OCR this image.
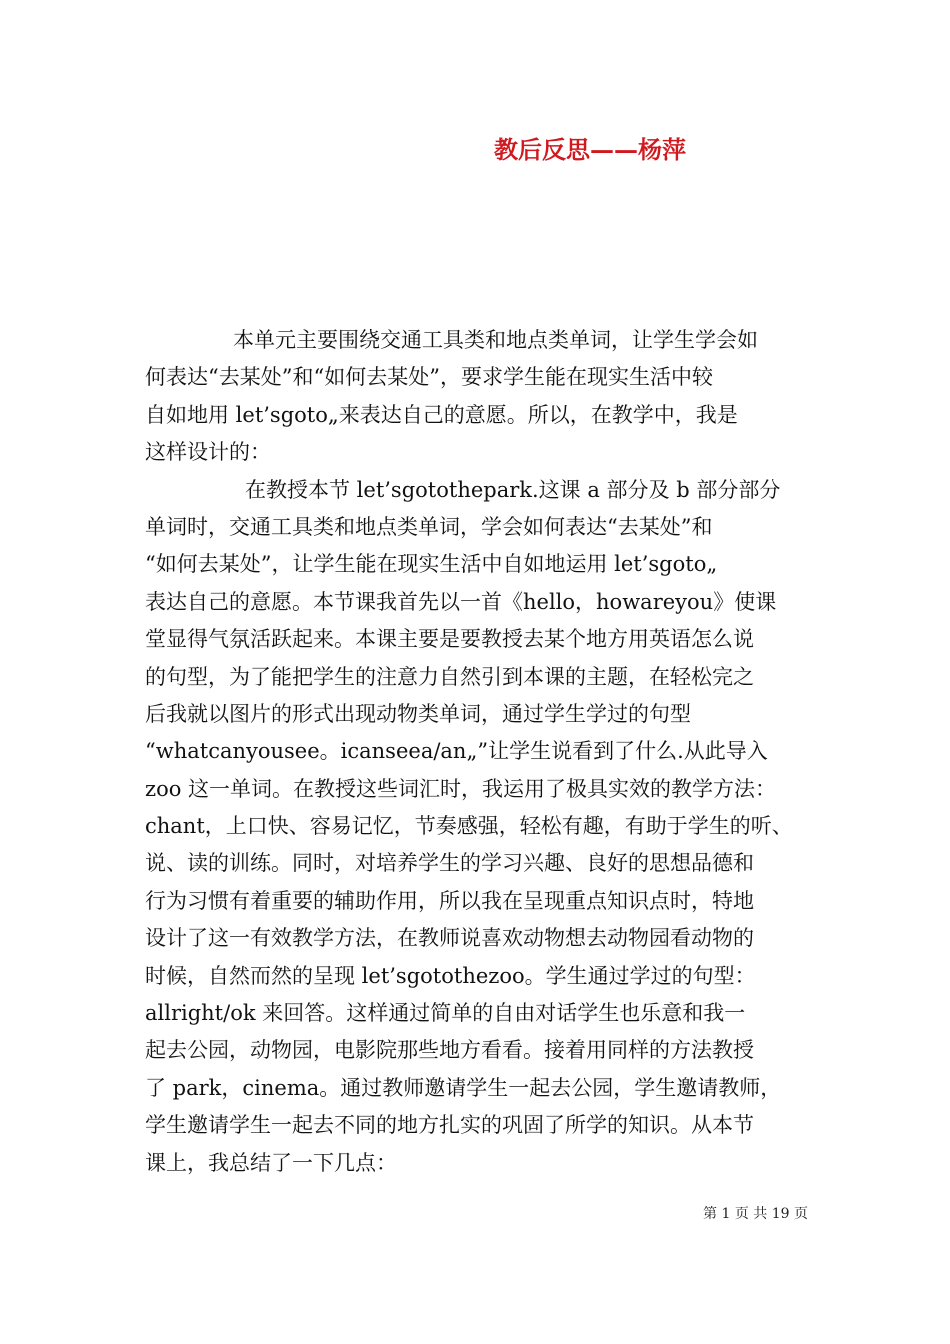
教后反思——杨萍
本单元主要围绕交通工具类和地点类单词，让学生学会如
何表达“去某处”和“如何去某处”，要求学生能在现实生活中较
自如地用 let’sgoto„来表达自己的意愿。所以，在教学中，我是
这样设计的：
在教授本节 let’sgotothepark.这课 a 部分及 b 部分部分
单词时，交通工具类和地点类单词，学会如何表达“去某处”和
“如何去某处”，让学生能在现实生活中自如地运用 let’sgoto„
表达自己的意愿。本节课我首先以一首《hello，howareyou》使课
堂显得气氛活跃起来。本课主要是要教授去某个地方用英语怎么说
的句型，为了能把学生的注意力自然引到本课的主题，在轻松完之
后我就以图片的形式出现动物类单词，通过学生学过的句型
“whatcanyousee。icanseea/an„”让学生说看到了什么.从此导入
zoo 这一单词。在教授这些词汇时，我运用了极具实效的教学方法：
chant，上口快、容易记忆，节奏感强，轻松有趣，有助于学生的听、
说、读的训练。同时，对培养学生的学习兴趣、良好的思想品德和
行为习惯有着重要的辅助作用，所以我在呈现重点知识点时，特地
设计了这一有效教学方法，在教师说喜欢动物想去动物园看动物的
时候，自然而然的呈现 let’sgotothezoo。学生通过学过的句型：
allright/ok 来回答。这样通过简单的自由对话学生也乐意和我一
起去公园，动物园，电影院那些地方看看。接着用同样的方法教授
了 park，cinema。通过教师邀请学生一起去公园，学生邀请教师，
学生邀请学生一起去不同的地方扎实的巩固了所学的知识。从本节
课上，我总结了一下几点：
第 1 页 共 19 页
